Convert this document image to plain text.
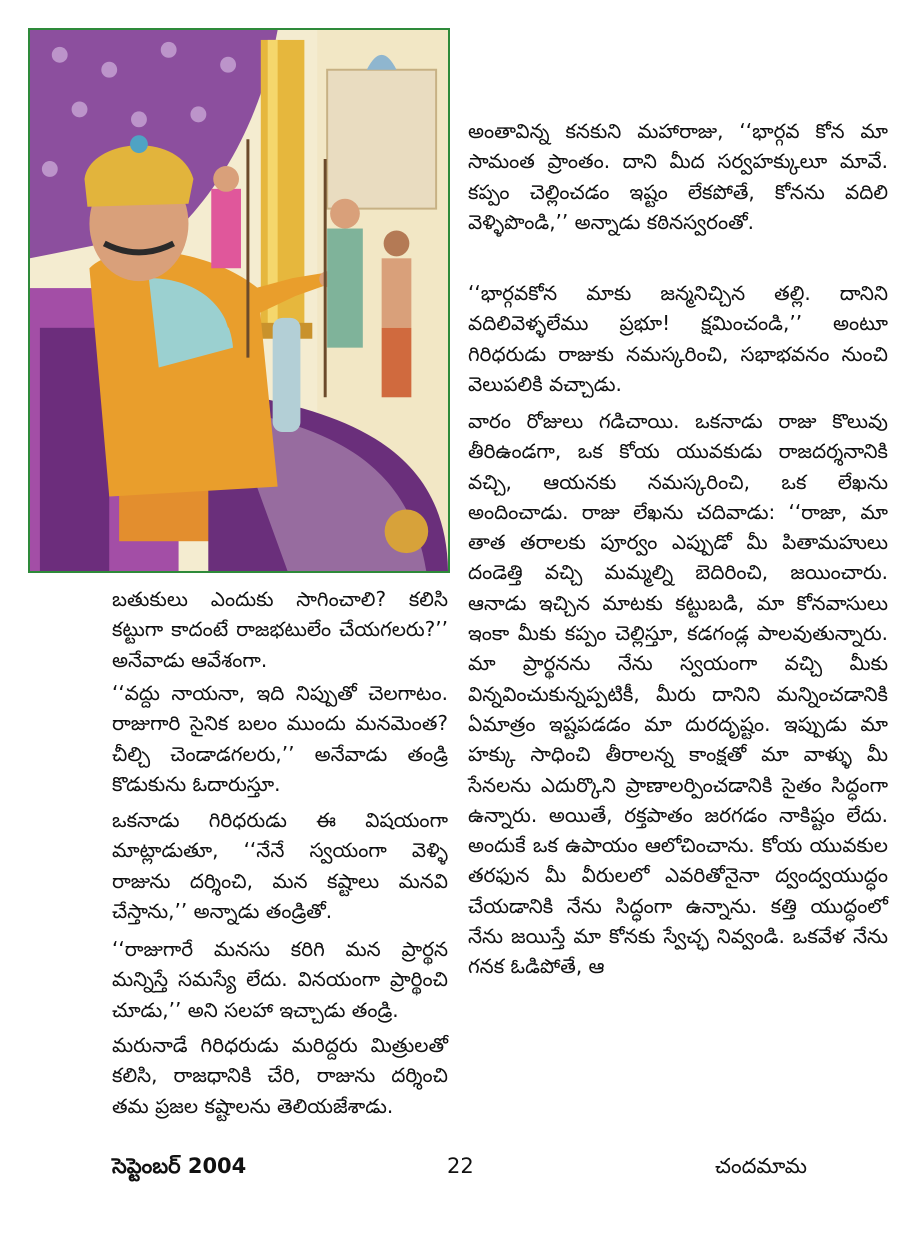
అంతావిన్న కనకుని మహారాజు, ‘‘భార్గవ కోన మా సామంత ప్రాంతం. దాని మీద సర్వహక్కులూ మావే. కప్పం చెల్లించడం ఇష్టం లేకపోతే, కోనను వదిలి వెళ్ళిపొండి,’’ అన్నాడు కఠినస్వరంతో.

‘‘భార్గవకోన మాకు జన్మనిచ్చిన తల్లి. దానిని వదిలివెళ్ళలేము ప్రభూ! క్షమించండి,’’ అంటూ గిరిధరుడు రాజుకు నమస్కరించి, సభాభవనం నుంచి వెలుపలికి వచ్చాడు.

వారం రోజులు గడిచాయి. ఒకనాడు రాజు కొలువు తీరిఉండగా, ఒక కోయ యువకుడు రాజదర్శనానికి వచ్చి, ఆయనకు నమస్కరించి, ఒక లేఖను అందించాడు. రాజు లేఖను చదివాడు: ‘‘రాజా, మా తాత తరాలకు పూర్వం ఎప్పుడో మీ పితామహులు దండెత్తి వచ్చి మమ్మల్ని బెదిరించి, జయించారు. ఆనాడు ఇచ్చిన మాటకు కట్టుబడి, మా కోనవాసులు ఇంకా మీకు కప్పం చెల్లిస్తూ, కడగండ్ల పాలవుతున్నారు. మా ప్రార్థనను నేను స్వయంగా వచ్చి మీకు విన్నవించుకున్నప్పటికీ, మీరు దానిని మన్నించడానికి ఏమాత్రం ఇష్టపడడం మా దురదృష్టం. ఇప్పుడు మా హక్కు సాధించి తీరాలన్న కాంక్షతో మా వాళ్ళు మీ సేనలను ఎదుర్కొని ప్రాణాలర్పించడానికి సైతం సిద్ధంగా ఉన్నారు. అయితే, రక్తపాతం జరగడం నాకిష్టం లేదు. అందుకే ఒక ఉపాయం ఆలోచించాను. కోయ యువకుల తరఫున మీ వీరులలో ఎవరితోనైనా ద్వంద్వయుద్ధం చేయడానికి నేను సిద్ధంగా ఉన్నాను. కత్తి యుద్ధంలో నేను జయిస్తే మా కోనకు స్వేచ్ఛ నివ్వండి. ఒకవేళ నేను గనక ఓడిపోతే, ఆ

బతుకులు ఎందుకు సాగించాలి? కలిసి కట్టుగా కాదంటే రాజభటులేం చేయగలరు?’’ అనేవాడు ఆవేశంగా.

‘‘వద్దు నాయనా, ఇది నిప్పుతో చెలగాటం. రాజుగారి సైనిక బలం ముందు మనమెంత? చీల్చి చెండాడగలరు,’’ అనేవాడు తండ్రి కొడుకును ఓదారుస్తూ.

ఒకనాడు గిరిధరుడు ఈ విషయంగా మాట్లాడుతూ, ‘‘నేనే స్వయంగా వెళ్ళి రాజును దర్శించి, మన కష్టాలు మనవి చేస్తాను,’’ అన్నాడు తండ్రితో.

‘‘రాజుగారే మనసు కరిగి మన ప్రార్థన మన్నిస్తే సమస్యే లేదు. వినయంగా ప్రార్థించి చూడు,’’ అని సలహా ఇచ్చాడు తండ్రి.

మరునాడే గిరిధరుడు మరిద్దరు మిత్రులతో కలిసి, రాజధానికి చేరి, రాజును దర్శించి తమ ప్రజల కష్టాలను తెలియజేశాడు.

సెప్టెంబర్ 2004	22	చందమామ
